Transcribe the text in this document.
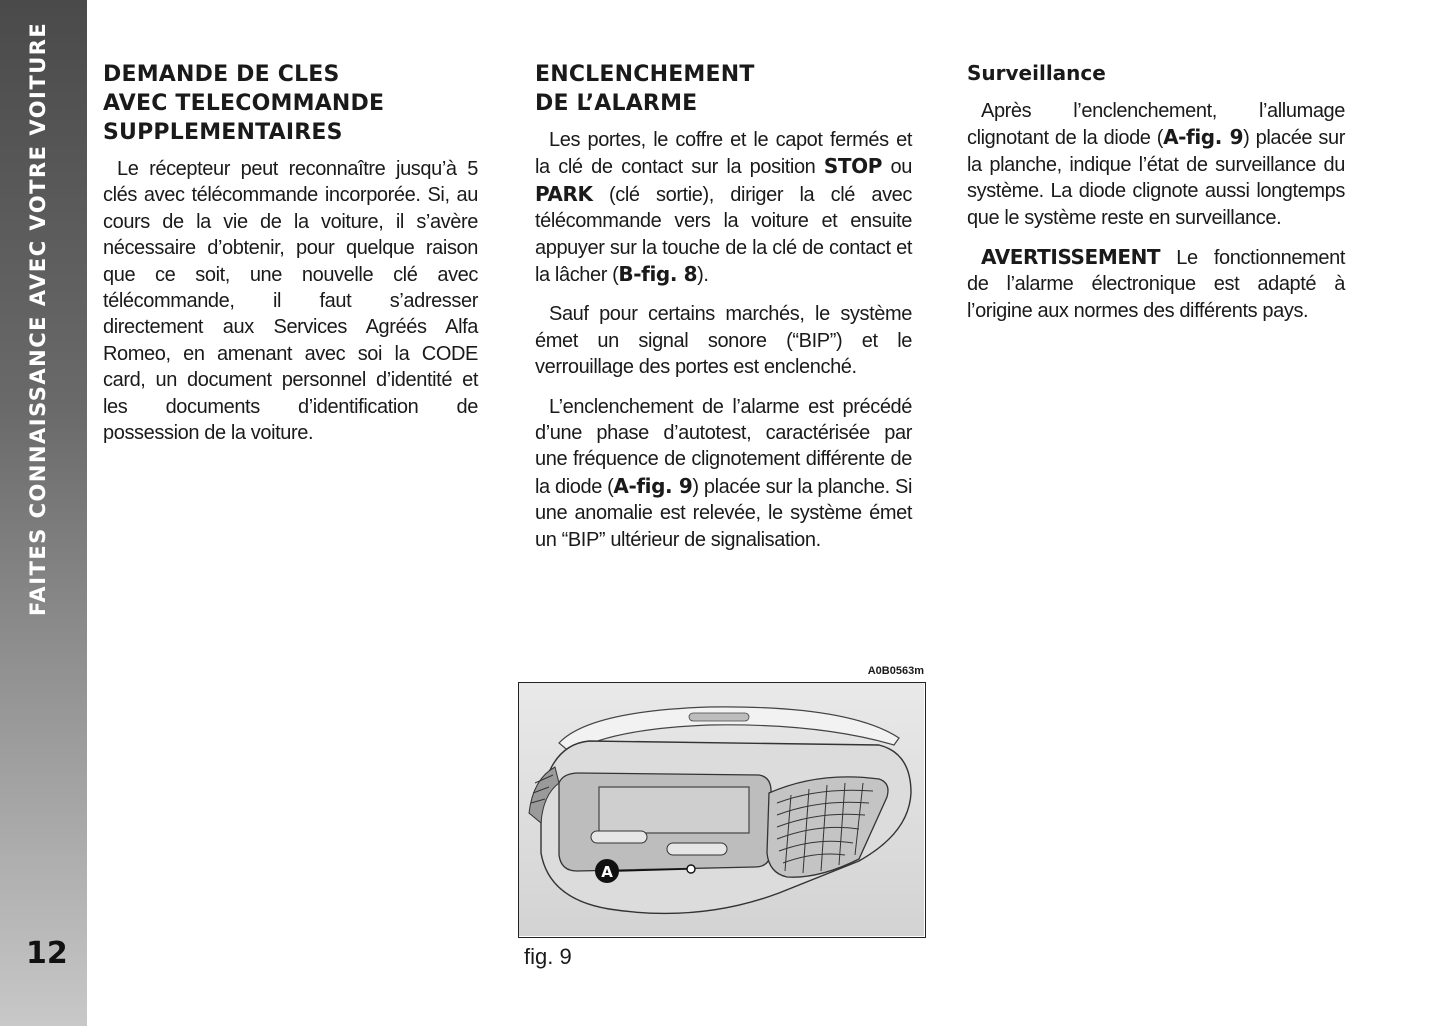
FAITES CONNAISSANCE AVEC VOTRE VOITURE
12
DEMANDE DE CLES
AVEC TELECOMMANDE
SUPPLEMENTAIRES

Le récepteur peut reconnaître jusqu’à 5 clés avec télécommande incorporée. Si, au cours de la vie de la voiture, il s’avère nécessaire d’obtenir, pour quelque raison que ce soit, une nouvelle clé avec télécommande, il faut s’adresser directement aux Services Agréés Alfa Romeo, en amenant avec soi la CODE card, un document personnel d’identité et les documents d’identification de possession de la voiture.

ENCLENCHEMENT
DE L’ALARME

Les portes, le coffre et le capot fermés et la clé de contact sur la position STOP ou PARK (clé sortie), diriger la clé avec télécommande vers la voiture et ensuite appuyer sur la touche de la clé de contact et la lâcher (B-fig. 8).

Sauf pour certains marchés, le système émet un signal sonore (“BIP”) et le verrouillage des portes est enclenché.

L’enclenchement de l’alarme est précédé d’une phase d’autotest, caractérisée par une fréquence de clignotement différente de la diode (A-fig. 9) placée sur la planche. Si une anomalie est relevée, le système émet un “BIP” ultérieur de signalisation.

Surveillance

Après l’enclenchement, l’allumage clignotant de la diode (A-fig. 9) placée sur la planche, indique l’état de surveillance du système. La diode clignote aussi longtemps que le système reste en surveillance.

AVERTISSEMENT Le fonctionnement de l’alarme électronique est adapté à l’origine aux normes des différents pays.

A0B0563m
A
fig. 9
